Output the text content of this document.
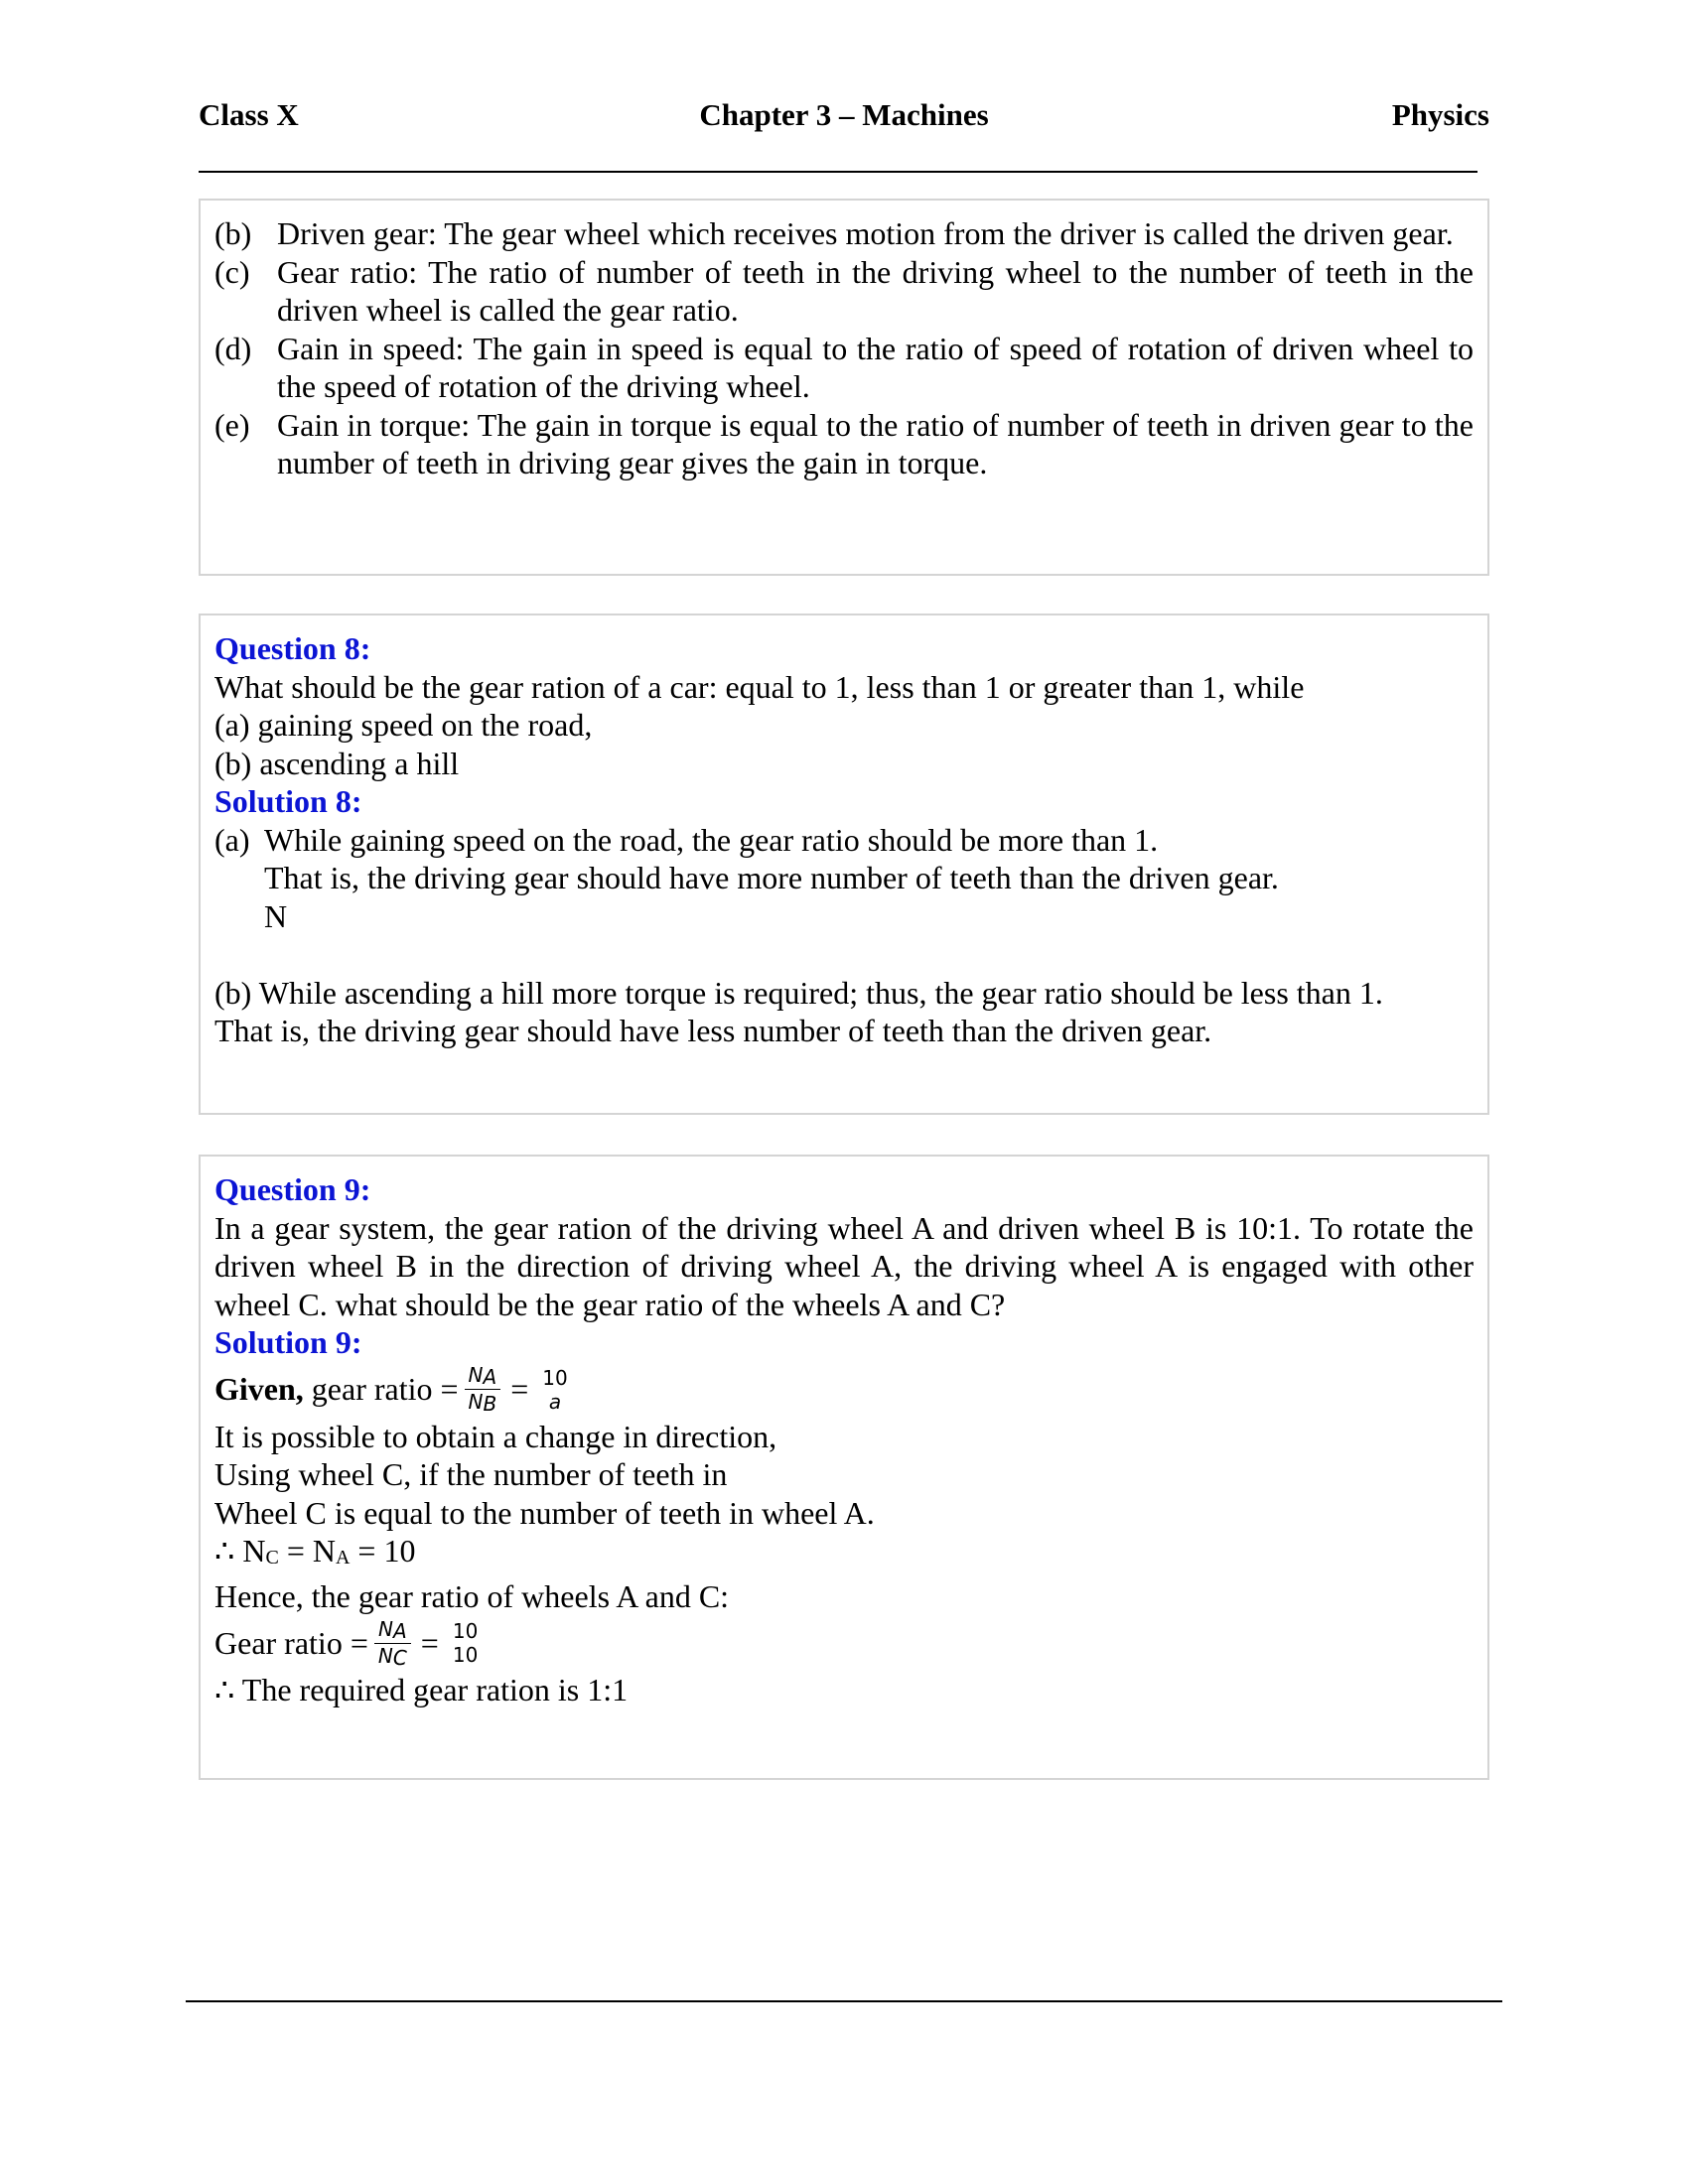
Class X	Chapter 3 – Machines	Physics
(b) Driven gear: The gear wheel which receives motion from the driver is called the driven gear.
(c) Gear ratio: The ratio of number of teeth in the driving wheel to the number of teeth in the driven wheel is called the gear ratio.
(d) Gain in speed: The gain in speed is equal to the ratio of speed of rotation of driven wheel to the speed of rotation of the driving wheel.
(e) Gain in torque: The gain in torque is equal to the ratio of number of teeth in driven gear to the number of teeth in driving gear gives the gain in torque.

Question 8:

What should be the gear ration of a car: equal to 1, less than 1 or greater than 1, while

(a) gaining speed on the road,

(b) ascending a hill

Solution 8:

(a) While gaining speed on the road, the gear ratio should be more than 1.

That is, the driving gear should have more number of teeth than the driven gear.

N

(b) While ascending a hill more torque is required; thus, the gear ratio should be less than 1.

That is, the driving gear should have less number of teeth than the driven gear.

Question 9:

In a gear system, the gear ration of the driving wheel A and driven wheel B is 10:1. To rotate the driven wheel B in the direction of driving wheel A, the driving wheel A is engaged with other wheel C. what should be the gear ratio of the wheels A and C?

Solution 9:

Given, gear ratio = $\frac{N_A}{N_B} = 10$
a

It is possible to obtain a change in direction,

Using wheel C, if the number of teeth in

Wheel C is equal to the number of teeth in wheel A.

∴ $N_C = N_A = 10$

Hence, the gear ratio of wheels A and C:

Gear ratio = $\frac{N_A}{N_C} = 10$
10

∴ The required gear ration is 1:1
